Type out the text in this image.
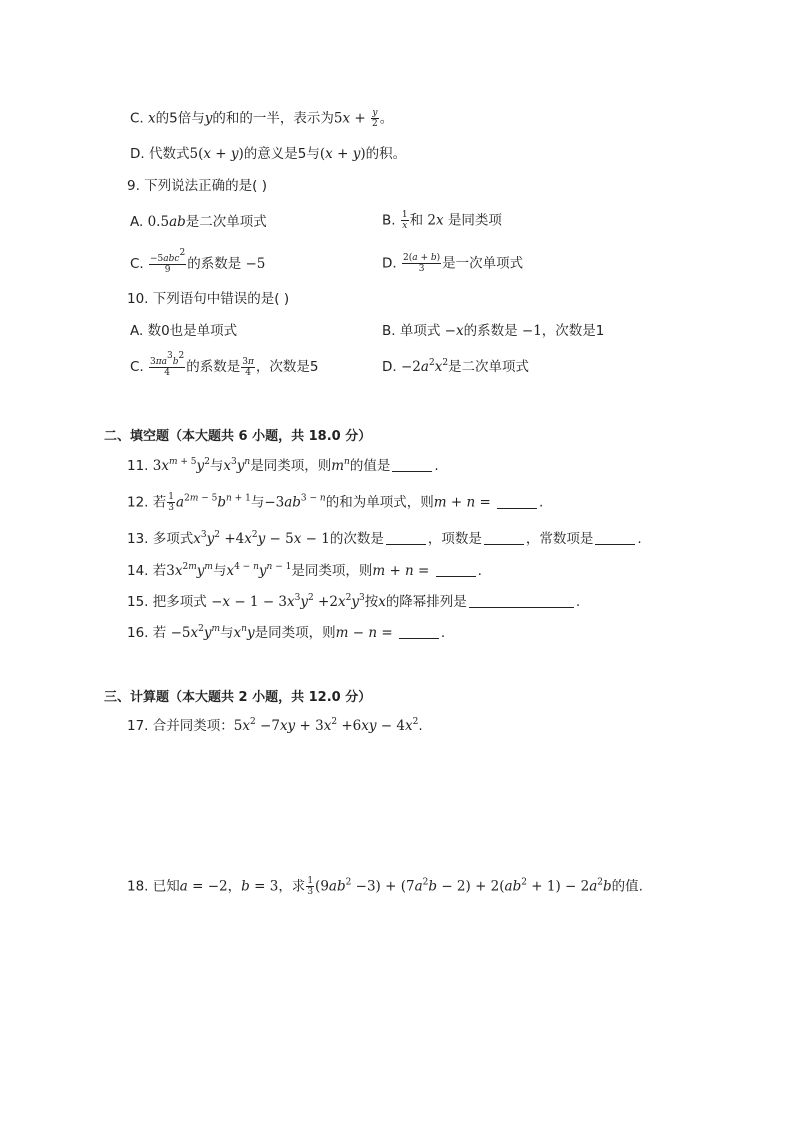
C. x的5倍与y的和的一半，表示为$5x + \frac{y}{2}$ 。
D. 代数式5(x + y)的意义是5与(x + y)的积。
9. 下列说法正确的是( )
A. 0.5ab是二次单项式	B. $\frac{1}{x}$ 和 2x 是同类项
C. $\frac{-5abc^2}{9}$ 的系数是 −5	D. $\frac{2(a + b)}{3}$ 是一次单项式
10. 下列语句中错误的是( )
A. 数0也是单项式	B. 单项式 −x的系数是 −1，次数是1
C. $\frac{3\pi a^3b^2}{4}$ 的系数是 $\frac{3\pi}{4}$ ，次数是5	D. $-2a^2x^2$是二次单项式
二、填空题（本大题共 6 小题，共 18.0 分）
11. $3x^{m + 5}y^2$与$x^3y^n$是同类项，则$m^n$的值是	.
12. 若 $\frac{1}{3} a^{2m - 5}b^{n + 1}$与$-3ab^{3 - n}$的和为单项式，则m + n =	.
13. 多项式$x^3y^2 +4x^2y - 5x - 1$的次数是	，项数是	，常数项是	.
14. 若$3x^{2m}y^m$与$x^{4 - n}y^{n - 1}$是同类项，则m + n =	.
15. 把多项式 $-x - 1 - 3x^3y^2 +2x^2y^3$按x的降幂排列是	.
16. 若 $-5x^2y^m$与$x^ny$是同类项，则m − n =	.
三、计算题（本大题共 2 小题，共 12.0 分）
17. 合并同类项：$5x^2 -7xy + 3x^2 +6xy - 4x^2$.
18. 已知a = −2，b = 3，求 $\frac{1}{3} (9ab^2 -3) + (7a^2b - 2) + 2(ab^2 + 1) - 2a^2b$的值.
